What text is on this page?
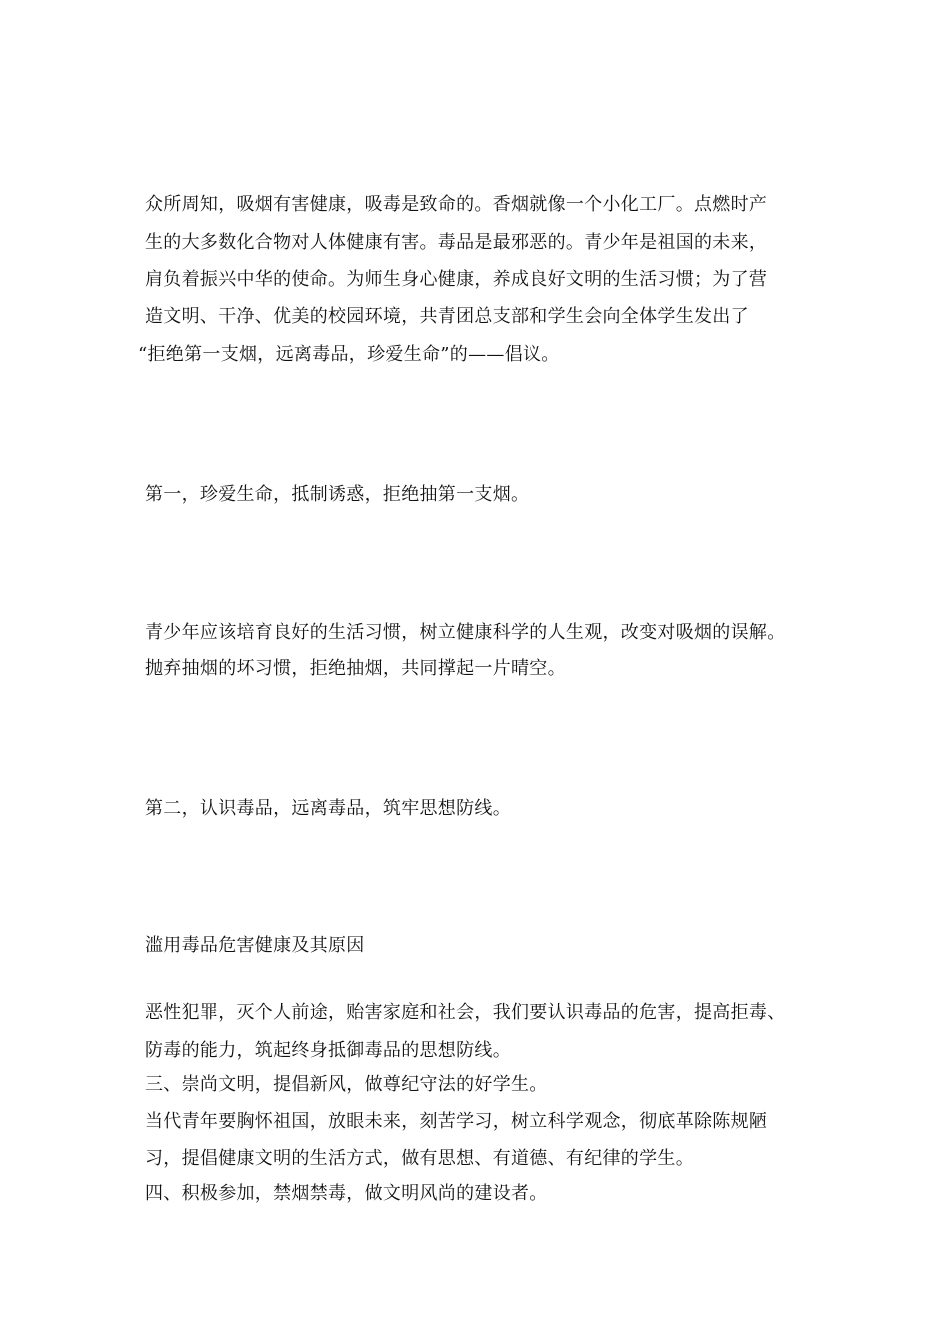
众所周知，吸烟有害健康，吸毒是致命的。香烟就像一个小化工厂。点燃时产
生的大多数化合物对人体健康有害。毒品是最邪恶的。青少年是祖国的未来，
肩负着振兴中华的使命。为师生身心健康，养成良好文明的生活习惯；为了营
造文明、干净、优美的校园环境，共青团总支部和学生会向全体学生发出了
“拒绝第一支烟，远离毒品，珍爱生命”的——倡议。
第一，珍爱生命，抵制诱惑，拒绝抽第一支烟。
青少年应该培育良好的生活习惯，树立健康科学的人生观，改变对吸烟的误解。
抛弃抽烟的坏习惯，拒绝抽烟，共同撑起一片晴空。
第二，认识毒品，远离毒品，筑牢思想防线。
滥用毒品危害健康及其原因
恶性犯罪，灭个人前途，贻害家庭和社会，我们要认识毒品的危害，提高拒毒、
防毒的能力，筑起终身抵御毒品的思想防线。
三、崇尚文明，提倡新风，做尊纪守法的好学生。
当代青年要胸怀祖国，放眼未来，刻苦学习，树立科学观念，彻底革除陈规陋
习，提倡健康文明的生活方式，做有思想、有道德、有纪律的学生。
四、积极参加，禁烟禁毒，做文明风尚的建设者。
